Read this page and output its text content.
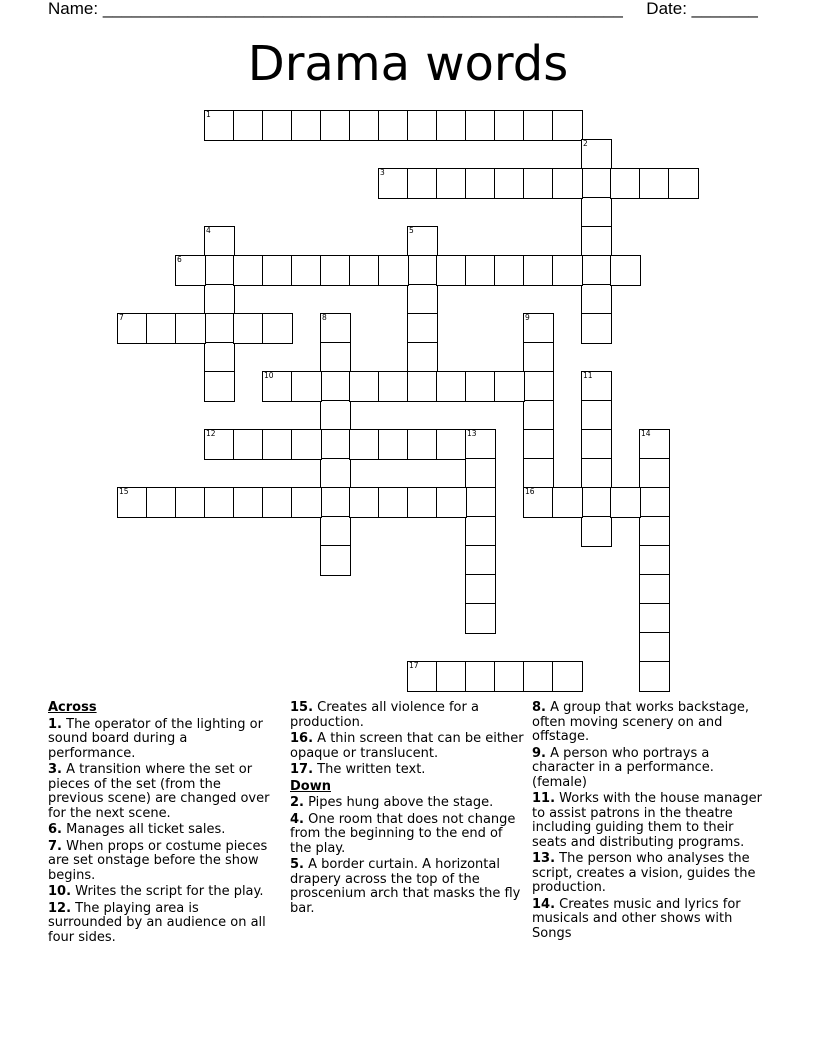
Name: _______________________________________________________ Date: _______
Drama words
1
2
3
4	5
6
7	8	9
16
10	11
12	13	14
15
17
Across
1. The operator of the lighting or sound board during a performance.
3. A transition where the set or pieces of the set (from the previous scene) are changed over for the next scene.
6. Manages all ticket sales.
7. When props or costume pieces are set onstage before the show begins.
10. Writes the script for the play.
12. The playing area is surrounded by an audience on all four sides.
15. Creates all violence for a production.
16. A thin screen that can be either opaque or translucent.
17. The written text.
Down
2. Pipes hung above the stage.
4. One room that does not change from the beginning to the end of the play.
5. A border curtain. A horizontal drapery across the top of the proscenium arch that masks the fly bar.
8. A group that works backstage, often moving scenery on and offstage.
9. A person who portrays a character in a performance. (female)
11. Works with the house manager to assist patrons in the theatre including guiding them to their seats and distributing programs.
13. The person who analyses the script, creates a vision, guides the production.
14. Creates music and lyrics for musicals and other shows with Songs
